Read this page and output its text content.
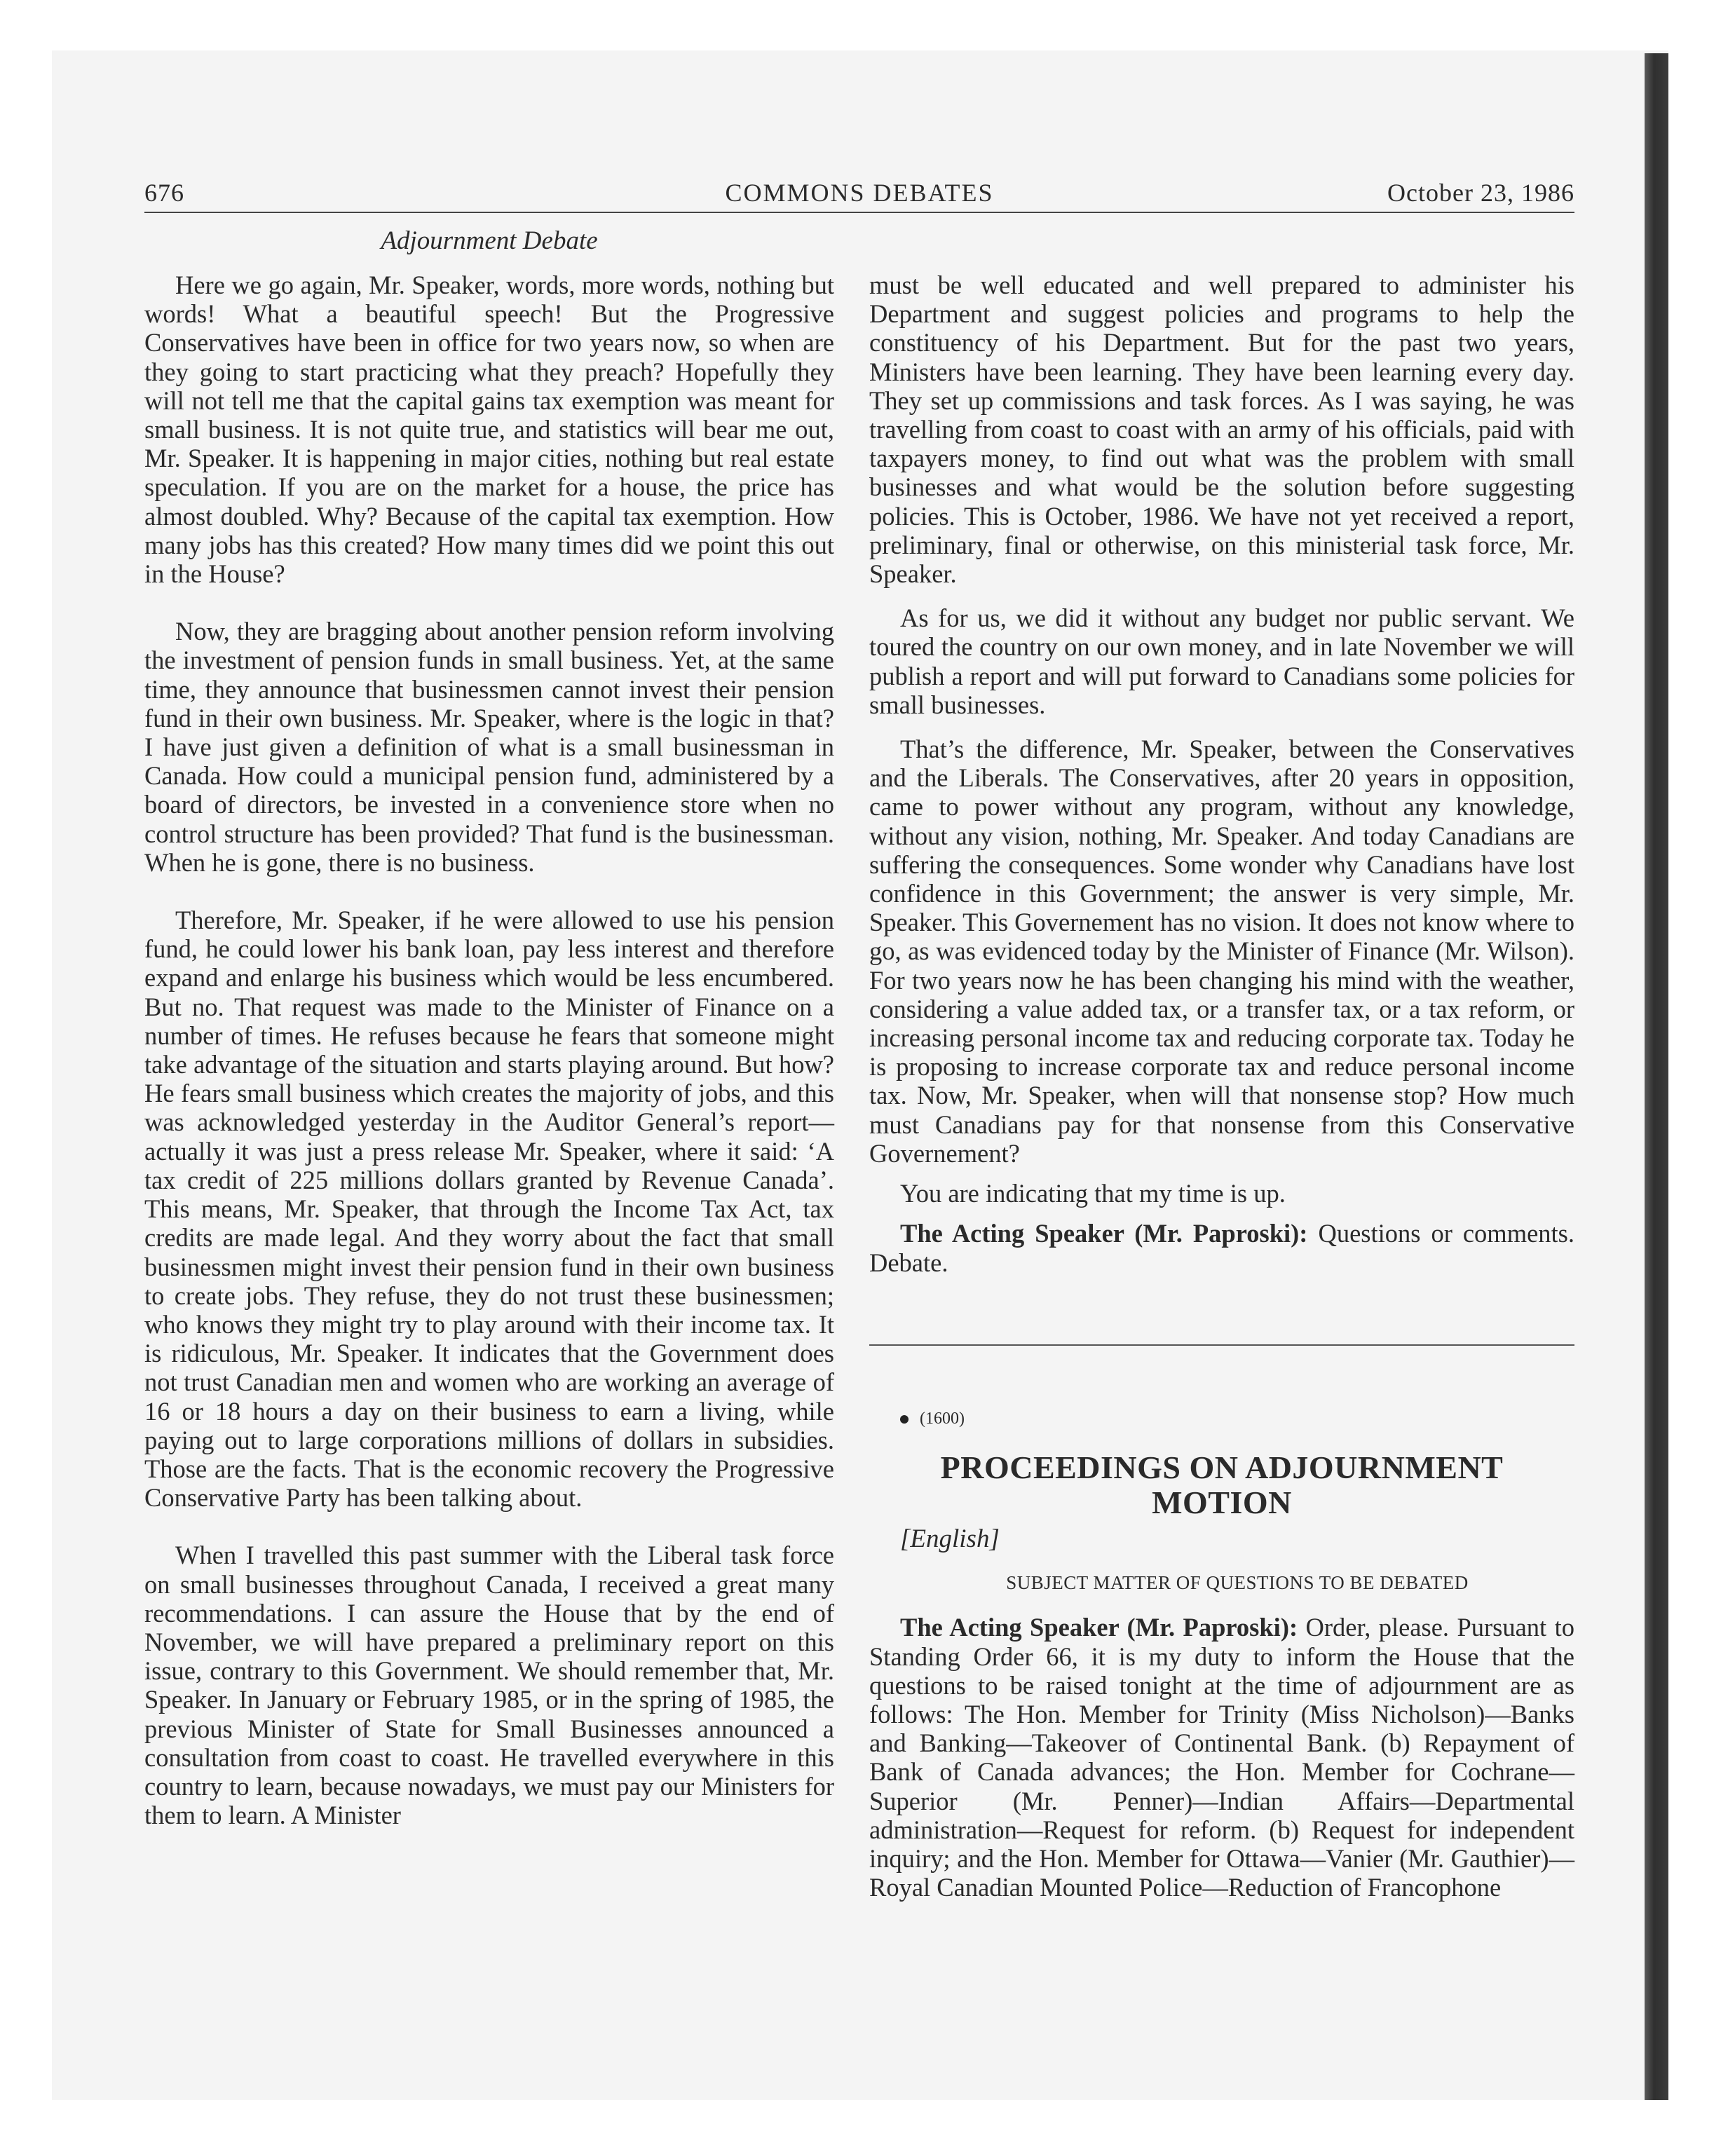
676	COMMONS DEBATES	October 23, 1986
Adjournment Debate

Here we go again, Mr. Speaker, words, more words, nothing but words! What a beautiful speech! But the Progressive Conservatives have been in office for two years now, so when are they going to start practicing what they preach? Hopefully they will not tell me that the capital gains tax exemption was meant for small business. It is not quite true, and statistics will bear me out, Mr. Speaker. It is happening in major cities, nothing but real estate speculation. If you are on the market for a house, the price has almost doubled. Why? Because of the capital tax exemption. How many jobs has this created? How many times did we point this out in the House?

Now, they are bragging about another pension reform involving the investment of pension funds in small business. Yet, at the same time, they announce that businessmen cannot invest their pension fund in their own business. Mr. Speaker, where is the logic in that? I have just given a definition of what is a small businessman in Canada. How could a municipal pension fund, administered by a board of directors, be invested in a convenience store when no control structure has been provided? That fund is the businessman. When he is gone, there is no business.

Therefore, Mr. Speaker, if he were allowed to use his pension fund, he could lower his bank loan, pay less interest and therefore expand and enlarge his business which would be less encumbered. But no. That request was made to the Minister of Finance on a number of times. He refuses because he fears that someone might take advantage of the situation and starts playing around. But how? He fears small business which creates the majority of jobs, and this was acknowledged yesterday in the Auditor General’s report—actually it was just a press release Mr. Speaker, where it said: ‘A tax credit of 225 millions dollars granted by Revenue Canada’. This means, Mr. Speaker, that through the Income Tax Act, tax credits are made legal. And they worry about the fact that small businessmen might invest their pension fund in their own business to create jobs. They refuse, they do not trust these businessmen; who knows they might try to play around with their income tax. It is ridiculous, Mr. Speaker. It indicates that the Government does not trust Canadian men and women who are working an average of 16 or 18 hours a day on their business to earn a living, while paying out to large corporations millions of dollars in subsidies. Those are the facts. That is the economic recovery the Progressive Conservative Party has been talking about.

When I travelled this past summer with the Liberal task force on small businesses throughout Canada, I received a great many recommendations. I can assure the House that by the end of November, we will have prepared a preliminary report on this issue, contrary to this Government. We should remember that, Mr. Speaker. In January or February 1985, or in the spring of 1985, the previous Minister of State for Small Businesses announced a consultation from coast to coast. He travelled everywhere in this country to learn, because nowadays, we must pay our Ministers for them to learn. A Minister

must be well educated and well prepared to administer his Department and suggest policies and programs to help the constituency of his Department. But for the past two years, Ministers have been learning. They have been learning every day. They set up commissions and task forces. As I was saying, he was travelling from coast to coast with an army of his officials, paid with taxpayers money, to find out what was the problem with small businesses and what would be the solution before suggesting policies. This is October, 1986. We have not yet received a report, preliminary, final or otherwise, on this ministerial task force, Mr. Speaker.

As for us, we did it without any budget nor public servant. We toured the country on our own money, and in late November we will publish a report and will put forward to Canadians some policies for small businesses.

That’s the difference, Mr. Speaker, between the Conservatives and the Liberals. The Conservatives, after 20 years in opposition, came to power without any program, without any knowledge, without any vision, nothing, Mr. Speaker. And today Canadians are suffering the consequences. Some wonder why Canadians have lost confidence in this Government; the answer is very simple, Mr. Speaker. This Governement has no vision. It does not know where to go, as was evidenced today by the Minister of Finance (Mr. Wilson). For two years now he has been changing his mind with the weather, considering a value added tax, or a transfer tax, or a tax reform, or increasing personal income tax and reducing corporate tax. Today he is proposing to increase corporate tax and reduce personal income tax. Now, Mr. Speaker, when will that nonsense stop? How much must Canadians pay for that nonsense from this Conservative Governement?

You are indicating that my time is up.

The Acting Speaker (Mr. Paproski): Questions or comments. Debate.

(1600)

PROCEEDINGS ON ADJOURNMENT MOTION

[English]

SUBJECT MATTER OF QUESTIONS TO BE DEBATED

The Acting Speaker (Mr. Paproski): Order, please. Pursuant to Standing Order 66, it is my duty to inform the House that the questions to be raised tonight at the time of adjournment are as follows: The Hon. Member for Trinity (Miss Nicholson)—Banks and Banking—Takeover of Continental Bank. (b) Repayment of Bank of Canada advances; the Hon. Member for Cochrane—Superior (Mr. Penner)—Indian Affairs—Departmental administration—Request for reform. (b) Request for independent inquiry; and the Hon. Member for Ottawa—Vanier (Mr. Gauthier)—Royal Canadian Mounted Police—Reduction of Francophone
